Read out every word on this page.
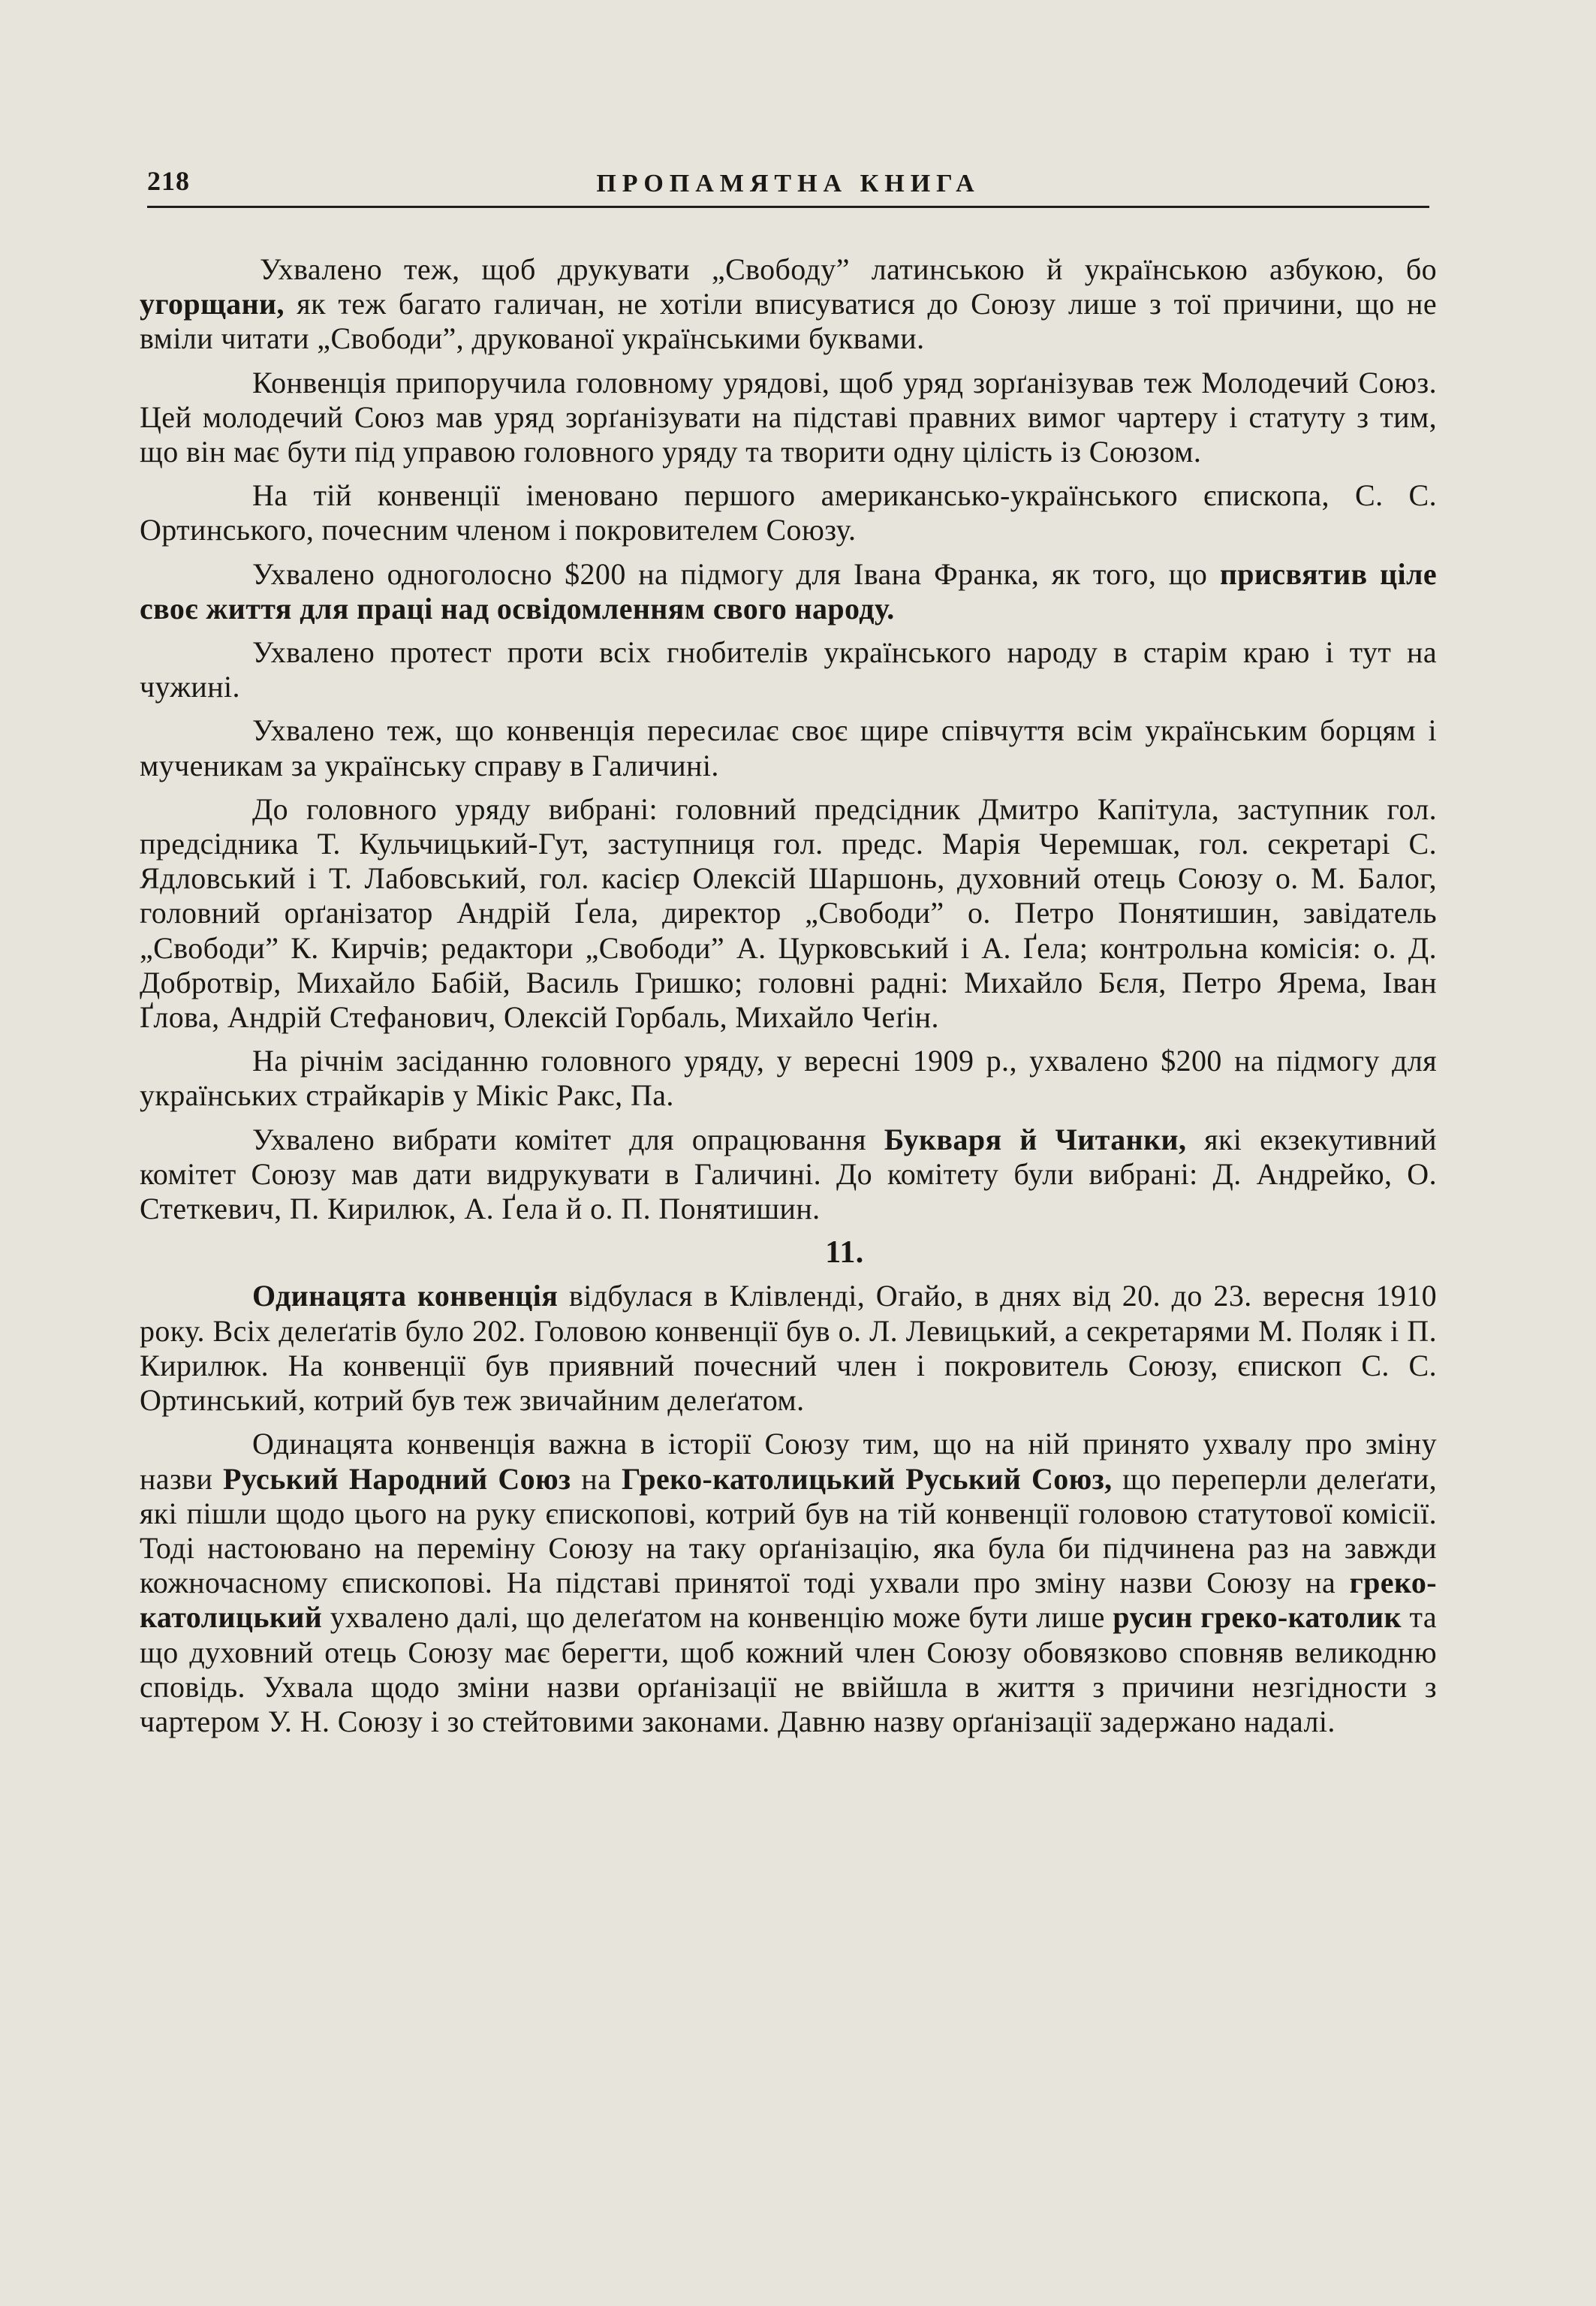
218	ПРОПАМЯТНА КНИГА

Ухвалено теж, щоб друкувати „Свободу” латинською й українською азбукою, бо угорщани, як теж багато галичан, не хотіли вписуватися до Союзу лише з тої причини, що не вміли читати „Свободи”, друкованої українськими буквами.

Конвенція припоручила головному урядові, щоб уряд зорґанізував теж Молодечий Союз. Цей молодечий Союз мав уряд зорґанізувати на підставі правних вимог чартеру і статуту з тим, що він має бути під управою головного уряду та творити одну цілість із Союзом.

На тій конвенції іменовано першого американсько-українського єпископа, С. С. Ортинського, почесним членом і покровителем Союзу.

Ухвалено одноголосно $200 на підмогу для Івана Франка, як того, що присвятив ціле своє життя для праці над освідомленням свого народу.

Ухвалено протест проти всіх гнобителів українського народу в старім краю і тут на чужині.

Ухвалено теж, що конвенція пересилає своє щире співчуття всім українським борцям і мученикам за українську справу в Галичині.

До головного уряду вибрані: головний предсідник Дмитро Капітула, заступник гол. предсідника Т. Кульчицький-Гут, заступниця гол. предс. Марія Черемшак, гол. секретарі С. Ядловський і Т. Лабовський, гол. касієр Олексій Шаршонь, духовний отець Союзу о. М. Балог, головний орґанізатор Андрій Ґела, директор „Свободи” о. Петро Понятишин, завідатель „Свободи” К. Кирчів; редактори „Свободи” А. Цурковський і А. Ґела; контрольна комісія: о. Д. Добротвір, Михайло Бабій, Василь Гришко; головні радні: Михайло Бєля, Петро Ярема, Іван Ґлова, Андрій Стефанович, Олексій Горбаль, Михайло Чеґін.

На річнім засіданню головного уряду, у вересні 1909 р., ухвалено $200 на підмогу для українських страйкарів у Мікіс Ракс, Па.

Ухвалено вибрати комітет для опрацювання Букваря й Читанки, які екзекутивний комітет Союзу мав дати видрукувати в Галичині. До комітету були вибрані: Д. Андрейко, О. Стеткевич, П. Кирилюк, А. Ґела й о. П. Понятишин.

11.

Одинацята конвенція відбулася в Клівленді, Огайо, в днях від 20. до 23. вересня 1910 року. Всіх делеґатів було 202. Головою конвенції був о. Л. Левицький, а секретарями М. Поляк і П. Кирилюк. На конвенції був приявний почесний член і покровитель Союзу, єпископ С. С. Ортинський, котрий був теж звичайним делеґатом.

Одинацята конвенція важна в історії Союзу тим, що на ній принято ухвалу про зміну назви Руський Народний Союз на Греко-католицький Руський Союз, що переперли делеґати, які пішли щодо цього на руку єпископові, котрий був на тій конвенції головою статутової комісії. Тоді настоювано на переміну Союзу на таку орґанізацію, яка була би підчинена раз на завжди кожночасному єпископові. На підставі принятої тоді ухвали про зміну назви Союзу на греко-католицький ухвалено далі, що делеґатом на конвенцію може бути лише русин греко-католик та що духовний отець Союзу має берегти, щоб кожний член Союзу обовязково сповняв великодню сповідь. Ухвала щодо зміни назви орґанізації не ввійшла в життя з причини незгідности з чартером У. Н. Союзу і зо стейтовими законами. Давню назву орґанізації задержано надалі.
